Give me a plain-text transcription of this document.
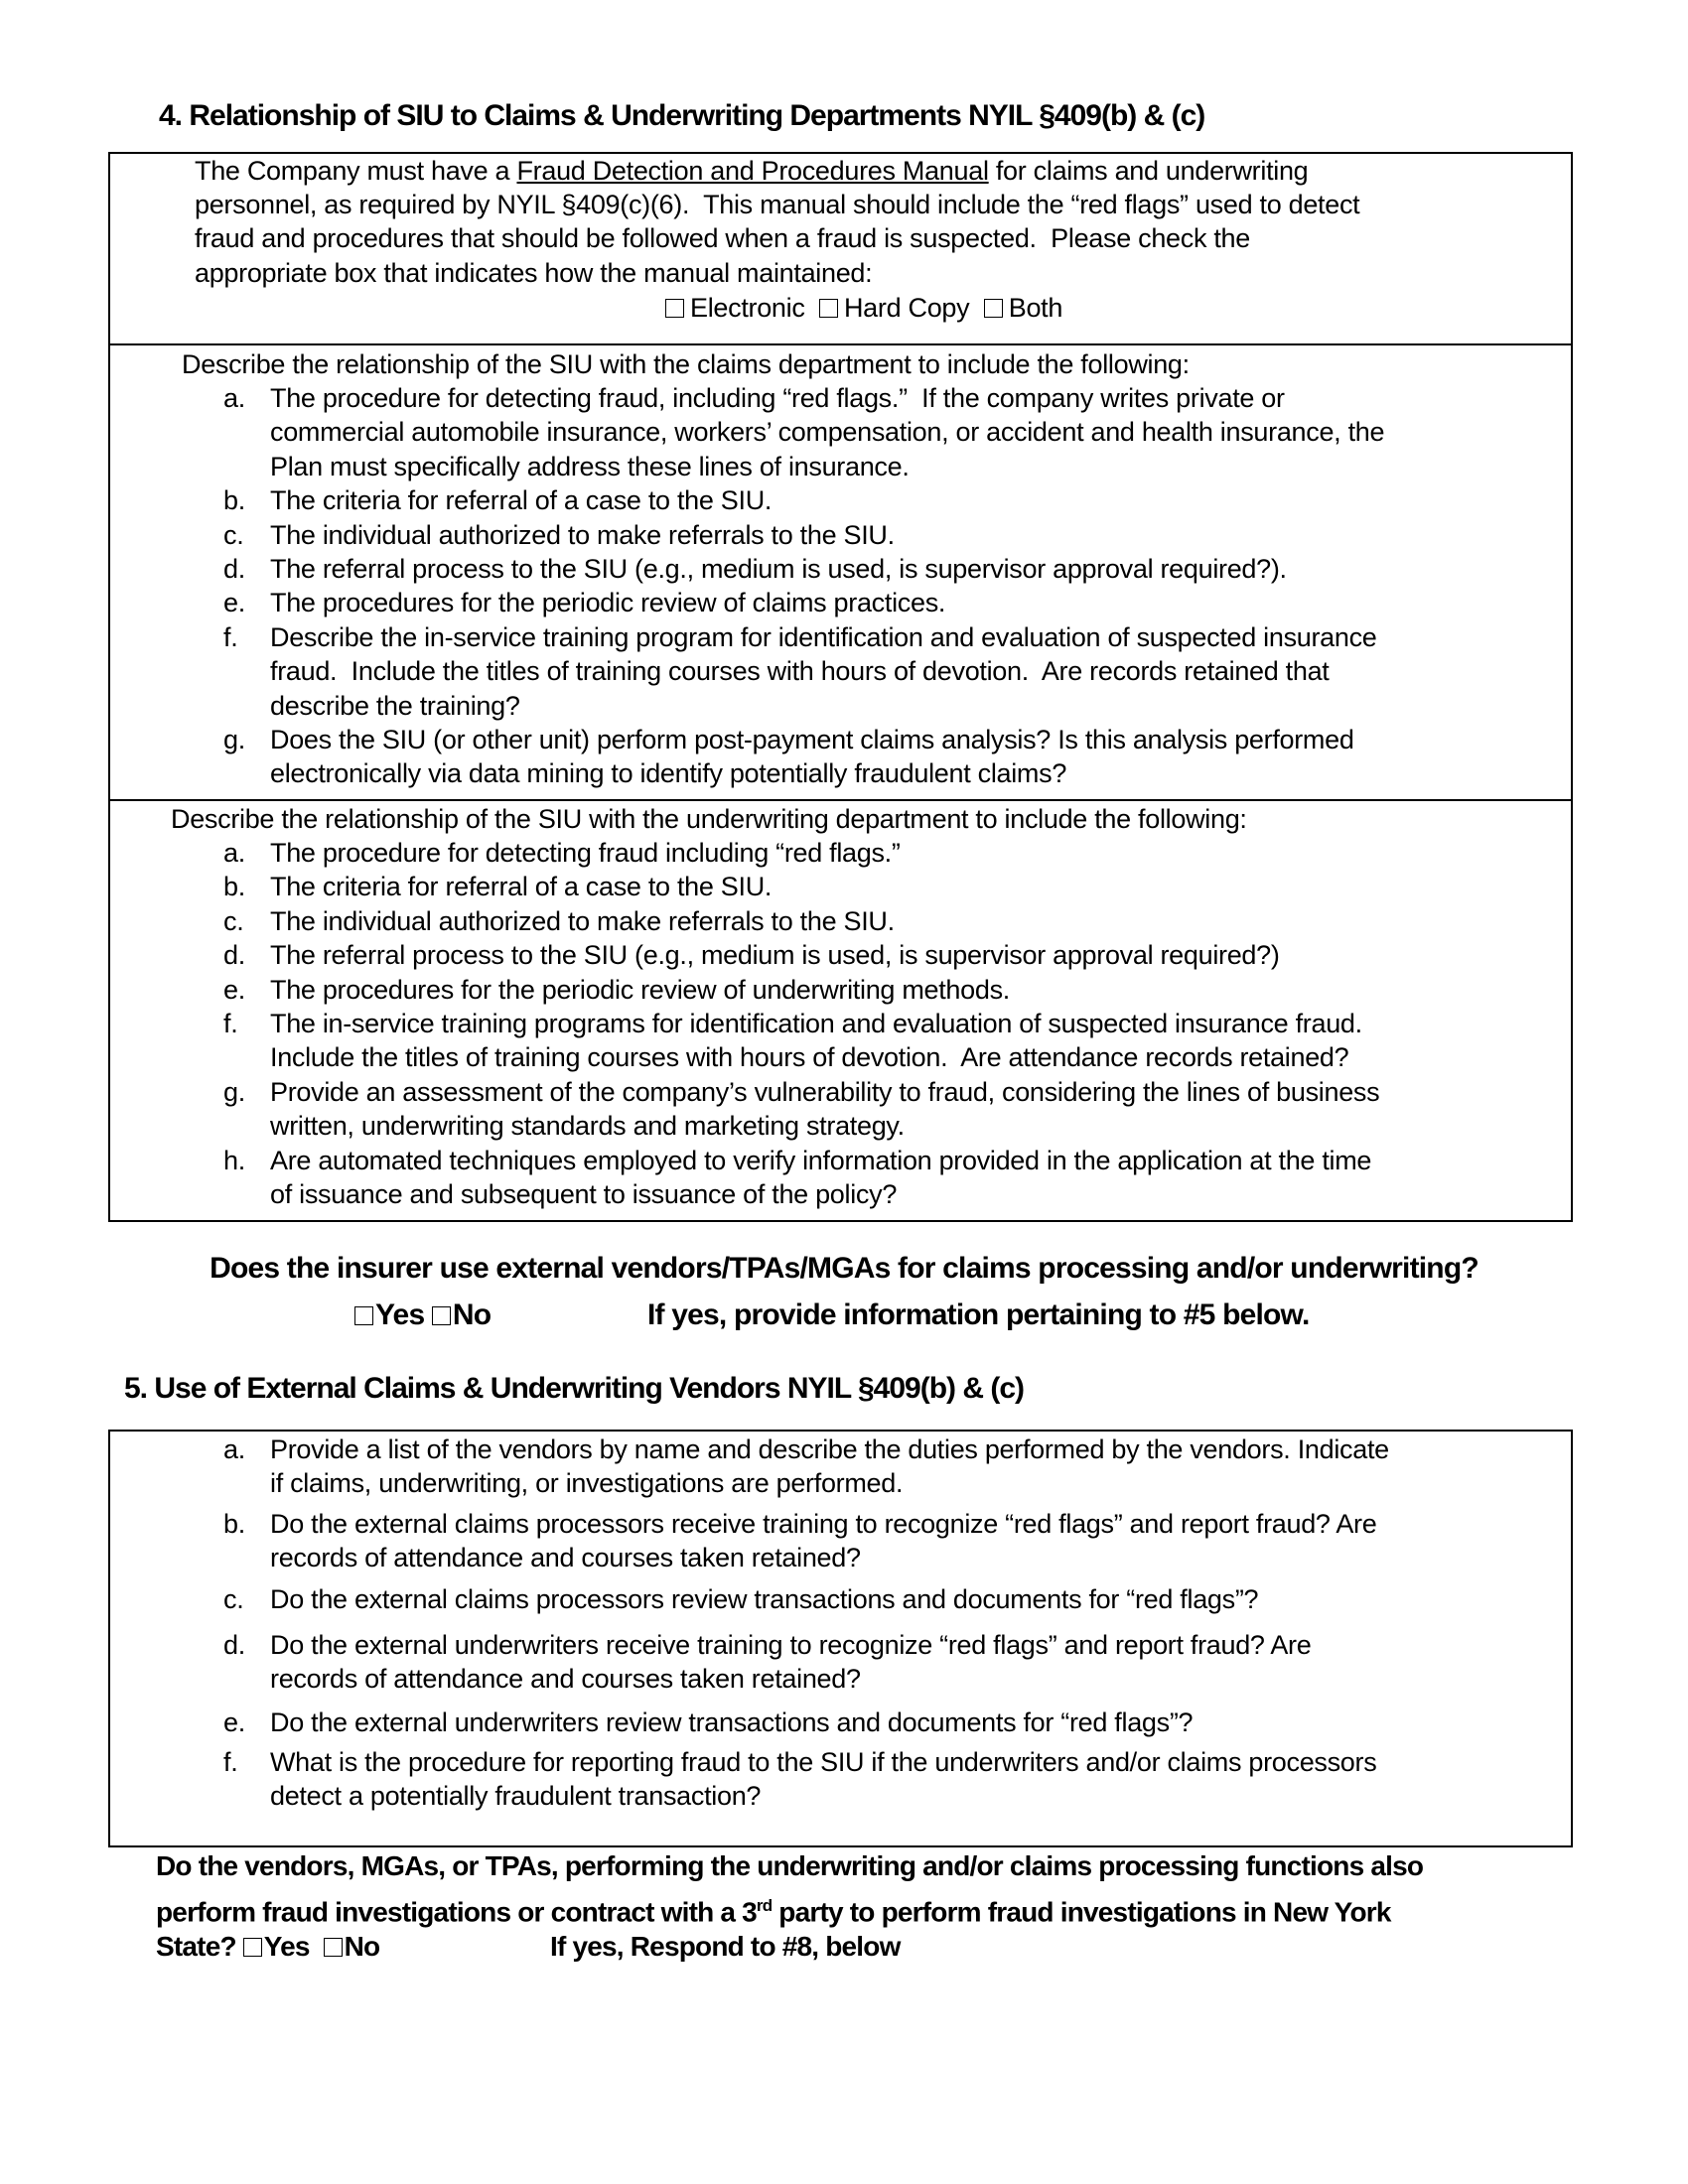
4. Relationship of SIU to Claims & Underwriting Departments NYIL §409(b) & (c)
The Company must have a Fraud Detection and Procedures Manual for claims and underwriting
personnel, as required by NYIL §409(c)(6).  This manual should include the “red flags” used to detect
fraud and procedures that should be followed when a fraud is suspected.  Please check the
appropriate box that indicates how the manual maintained:
Electronic Hard Copy Both
Describe the relationship of the SIU with the claims department to include the following:
a. The procedure for detecting fraud, including “red flags.”  If the company writes private or
commercial automobile insurance, workers’ compensation, or accident and health insurance, the
Plan must specifically address these lines of insurance.
b. The criteria for referral of a case to the SIU.
c. The individual authorized to make referrals to the SIU.
d. The referral process to the SIU (e.g., medium is used, is supervisor approval required?).
e. The procedures for the periodic review of claims practices.
f. Describe the in-service training program for identification and evaluation of suspected insurance
fraud.  Include the titles of training courses with hours of devotion.  Are records retained that
describe the training?
g. Does the SIU (or other unit) perform post-payment claims analysis? Is this analysis performed
electronically via data mining to identify potentially fraudulent claims?
Describe the relationship of the SIU with the underwriting department to include the following:
a. The procedure for detecting fraud including “red flags.”
b. The criteria for referral of a case to the SIU.
c. The individual authorized to make referrals to the SIU.
d. The referral process to the SIU (e.g., medium is used, is supervisor approval required?)
e. The procedures for the periodic review of underwriting methods.
f. The in-service training programs for identification and evaluation of suspected insurance fraud.
Include the titles of training courses with hours of devotion.  Are attendance records retained?
g. Provide an assessment of the company’s vulnerability to fraud, considering the lines of business
written, underwriting standards and marketing strategy.
h. Are automated techniques employed to verify information provided in the application at the time
of issuance and subsequent to issuance of the policy?
Does the insurer use external vendors/TPAs/MGAs for claims processing and/or underwriting?
Yes No	If yes, provide information pertaining to #5 below.
5. Use of External Claims & Underwriting Vendors NYIL §409(b) & (c)
a. Provide a list of the vendors by name and describe the duties performed by the vendors. Indicate
if claims, underwriting, or investigations are performed.
b. Do the external claims processors receive training to recognize “red flags” and report fraud? Are
records of attendance and courses taken retained?
c. Do the external claims processors review transactions and documents for “red flags”?
d. Do the external underwriters receive training to recognize “red flags” and report fraud? Are
records of attendance and courses taken retained?
e. Do the external underwriters review transactions and documents for “red flags”?
f. What is the procedure for reporting fraud to the SIU if the underwriters and/or claims processors
detect a potentially fraudulent transaction?
Do the vendors, MGAs, or TPAs, performing the underwriting and/or claims processing functions also
perform fraud investigations or contract with a 3rd party to perform fraud investigations in New York
State? Yes No	If yes, Respond to #8, below
